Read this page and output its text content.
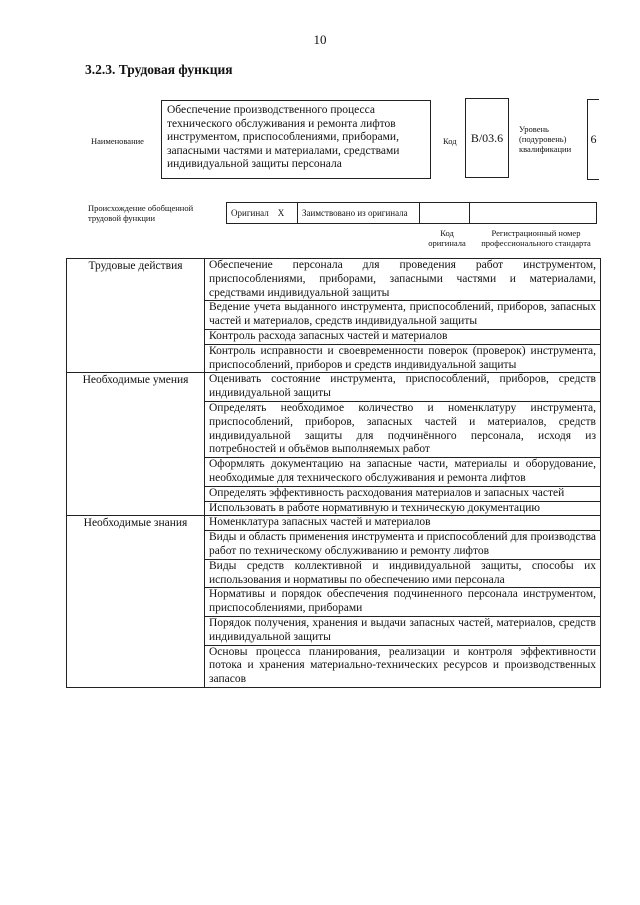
10
3.2.3. Трудовая функция
Наименование
Обеспечение производственного процесса технического обслуживания и ремонта лифтов инструментом, приспособлениями, приборами, запасными частями и материалами, средствами индивидуальной защиты персонала
Код	B/03.6
Уровень (подуровень) квалификации
6
Происхождение обобщенной трудовой функции	Оригинал X	Заимствовано из оригинала
Код оригинала
Регистрационный номер профессионального стандарта
Трудовые действия	Обеспечение персонала для проведения работ инструментом, приспособлениями, приборами, запасными частями и материалами, средствами индивидуальной защиты
	Ведение учета выданного инструмента, приспособлений, приборов, запасных частей и материалов, средств индивидуальной защиты
	Контроль расхода запасных частей и материалов
	Контроль исправности и своевременности поверок (проверок) инструмента, приспособлений, приборов и средств индивидуальной защиты
Необходимые умения	Оценивать состояние инструмента, приспособлений, приборов, средств индивидуальной защиты
	Определять необходимое количество и номенклатуру инструмента, приспособлений, приборов, запасных частей и материалов, средств индивидуальной защиты для подчинённого персонала, исходя из потребностей и объёмов выполняемых работ
	Оформлять документацию на запасные части, материалы и оборудование, необходимые для технического обслуживания и ремонта лифтов
	Определять эффективность расходования материалов и запасных частей
	Использовать в работе нормативную и техническую документацию
Необходимые знания	Номенклатура запасных частей и материалов
	Виды и область применения инструмента и приспособлений для производства работ по техническому обслуживанию и ремонту лифтов
	Виды средств коллективной и индивидуальной защиты, способы их использования и нормативы по обеспечению ими персонала
	Нормативы и порядок обеспечения подчиненного персонала инструментом, приспособлениями, приборами
	Порядок получения, хранения и выдачи запасных частей, материалов, средств индивидуальной защиты
	Основы процесса планирования, реализации и контроля эффективности потока и хранения материально-технических ресурсов и производственных запасов
